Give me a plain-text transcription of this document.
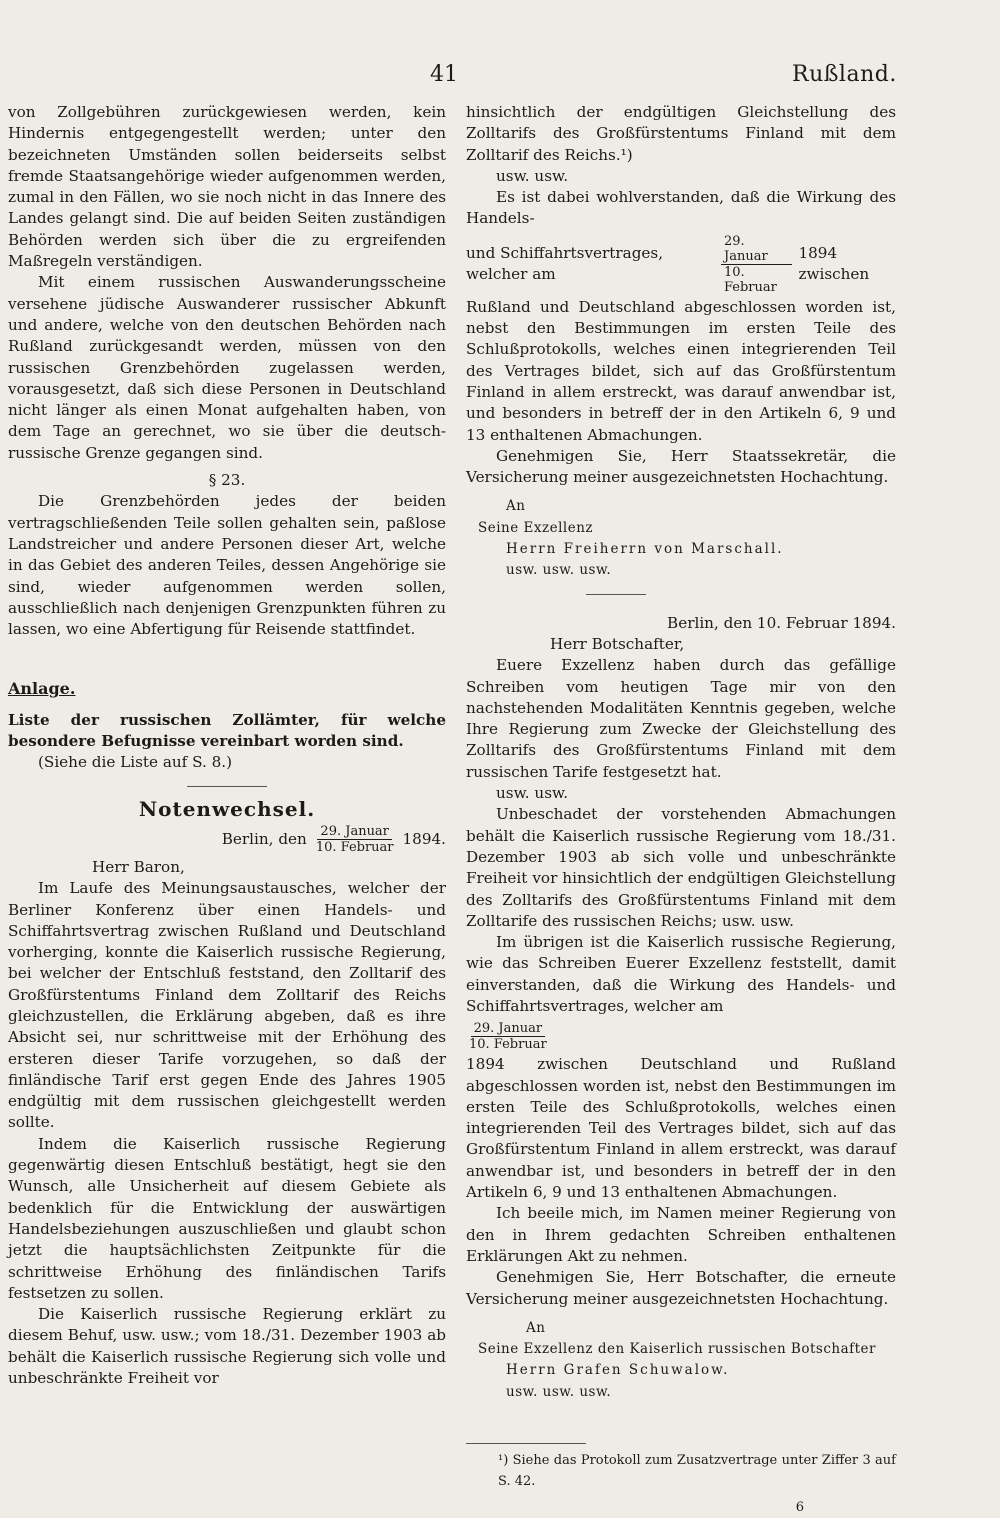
41	Rußland.

von Zollgebühren zurückgewiesen werden, kein Hindernis entgegengestellt werden; unter den bezeichneten Umständen sollen beiderseits selbst fremde Staatsangehörige wieder aufgenommen werden, zumal in den Fällen, wo sie noch nicht in das Innere des Landes gelangt sind. Die auf beiden Seiten zuständigen Behörden werden sich über die zu ergreifenden Maßregeln verständigen.

Mit einem russischen Auswanderungsscheine versehene jüdische Auswanderer russischer Abkunft und andere, welche von den deutschen Behörden nach Rußland zurückgesandt werden, müssen von den russischen Grenzbehörden zugelassen werden, vorausgesetzt, daß sich diese Personen in Deutschland nicht länger als einen Monat aufgehalten haben, von dem Tage an gerechnet, wo sie über die deutsch-russische Grenze gegangen sind.

§ 23.

Die Grenzbehörden jedes der beiden vertragschließenden Teile sollen gehalten sein, paßlose Landstreicher und andere Personen dieser Art, welche in das Gebiet des anderen Teiles, dessen Angehörige sie sind, wieder aufgenommen werden sollen, ausschließlich nach denjenigen Grenzpunkten führen zu lassen, wo eine Abfertigung für Reisende stattfindet.

Anlage.

Liste der russischen Zollämter, für welche besondere Befugnisse vereinbart worden sind.

(Siehe die Liste auf S. 8.)

Notenwechsel.

Berlin, den $\frac{\text{29. Januar}}{\text{10. Februar}} 1894$.

Herr Baron,

Im Laufe des Meinungsaustausches, welcher der Berliner Konferenz über einen Handels- und Schiffahrtsvertrag zwischen Rußland und Deutschland vorherging, konnte die Kaiserlich russische Regierung, bei welcher der Entschluß feststand, den Zolltarif des Großfürstentums Finland dem Zolltarif des Reichs gleichzustellen, die Erklärung abgeben, daß es ihre Absicht sei, nur schrittweise mit der Erhöhung des ersteren dieser Tarife vorzugehen, so daß der finländische Tarif erst gegen Ende des Jahres 1905 endgültig mit dem russischen gleichgestellt werden sollte.

Indem die Kaiserlich russische Regierung gegenwärtig diesen Entschluß bestätigt, hegt sie den Wunsch, alle Unsicherheit auf diesem Gebiete als bedenklich für die Entwicklung der auswärtigen Handelsbeziehungen auszuschließen und glaubt schon jetzt die hauptsächlichsten Zeitpunkte für die schrittweise Erhöhung des finländischen Tarifs festsetzen zu sollen.

Die Kaiserlich russische Regierung erklärt zu diesem Behuf, usw. usw.; vom 18./31. Dezember 1903 ab behält die Kaiserlich russische Regierung sich volle und unbeschränkte Freiheit vor

hinsichtlich der endgültigen Gleichstellung des Zolltarifs des Großfürstentums Finland mit dem Zolltarif des Reichs.¹)

usw. usw.

Es ist dabei wohlverstanden, daß die Wirkung des Handels-

und Schiffahrtsvertrages, welcher am	$\frac{\text{29. Januar}}{\text{10. Februar}} 1894$ zwischen

Rußland und Deutschland abgeschlossen worden ist, nebst den Bestimmungen im ersten Teile des Schlußprotokolls, welches einen integrierenden Teil des Vertrages bildet, sich auf das Großfürstentum Finland in allem erstreckt, was darauf anwendbar ist, und besonders in betreff der in den Artikeln 6, 9 und 13 enthaltenen Abmachungen.

Genehmigen Sie, Herr Staatssekretär, die Versicherung meiner ausgezeichnetsten Hochachtung.

An

Seine Exzellenz

Herrn Freiherrn von Marschall.

usw. usw. usw.

Berlin, den 10. Februar 1894.

Herr Botschafter,

Euere Exzellenz haben durch das gefällige Schreiben vom heutigen Tage mir von den nachstehenden Modalitäten Kenntnis gegeben, welche Ihre Regierung zum Zwecke der Gleichstellung des Zolltarifs des Großfürstentums Finland mit dem russischen Tarife festgesetzt hat.

usw. usw.

Unbeschadet der vorstehenden Abmachungen behält die Kaiserlich russische Regierung vom 18./31. Dezember 1903 ab sich volle und unbeschränkte Freiheit vor hinsichtlich der endgültigen Gleichstellung des Zolltarifs des Großfürstentums Finland mit dem Zolltarife des russischen Reichs; usw. usw.

Im übrigen ist die Kaiserlich russische Regierung, wie das Schreiben Euerer Exzellenz feststellt, damit einverstanden, daß die Wirkung des Handels- und Schiffahrtsvertrages, welcher am

$\frac{\text{29. Januar}}{\text{10. Februar}}$

1894 zwischen Deutschland und Rußland abgeschlossen worden ist, nebst den Bestimmungen im ersten Teile des Schlußprotokolls, welches einen integrierenden Teil des Vertrages bildet, sich auf das Großfürstentum Finland in allem erstreckt, was darauf anwendbar ist, und besonders in betreff der in den Artikeln 6, 9 und 13 enthaltenen Abmachungen.

Ich beeile mich, im Namen meiner Regierung von den in Ihrem gedachten Schreiben enthaltenen Erklärungen Akt zu nehmen.

Genehmigen Sie, Herr Botschafter, die erneute Versicherung meiner ausgezeichnetsten Hochachtung.

An

Seine Exzellenz den Kaiserlich russischen Botschafter

Herrn Grafen Schuwalow.

usw. usw. usw.

¹) Siehe das Protokoll zum Zusatzvertrage unter Ziffer 3 auf S. 42.

6
